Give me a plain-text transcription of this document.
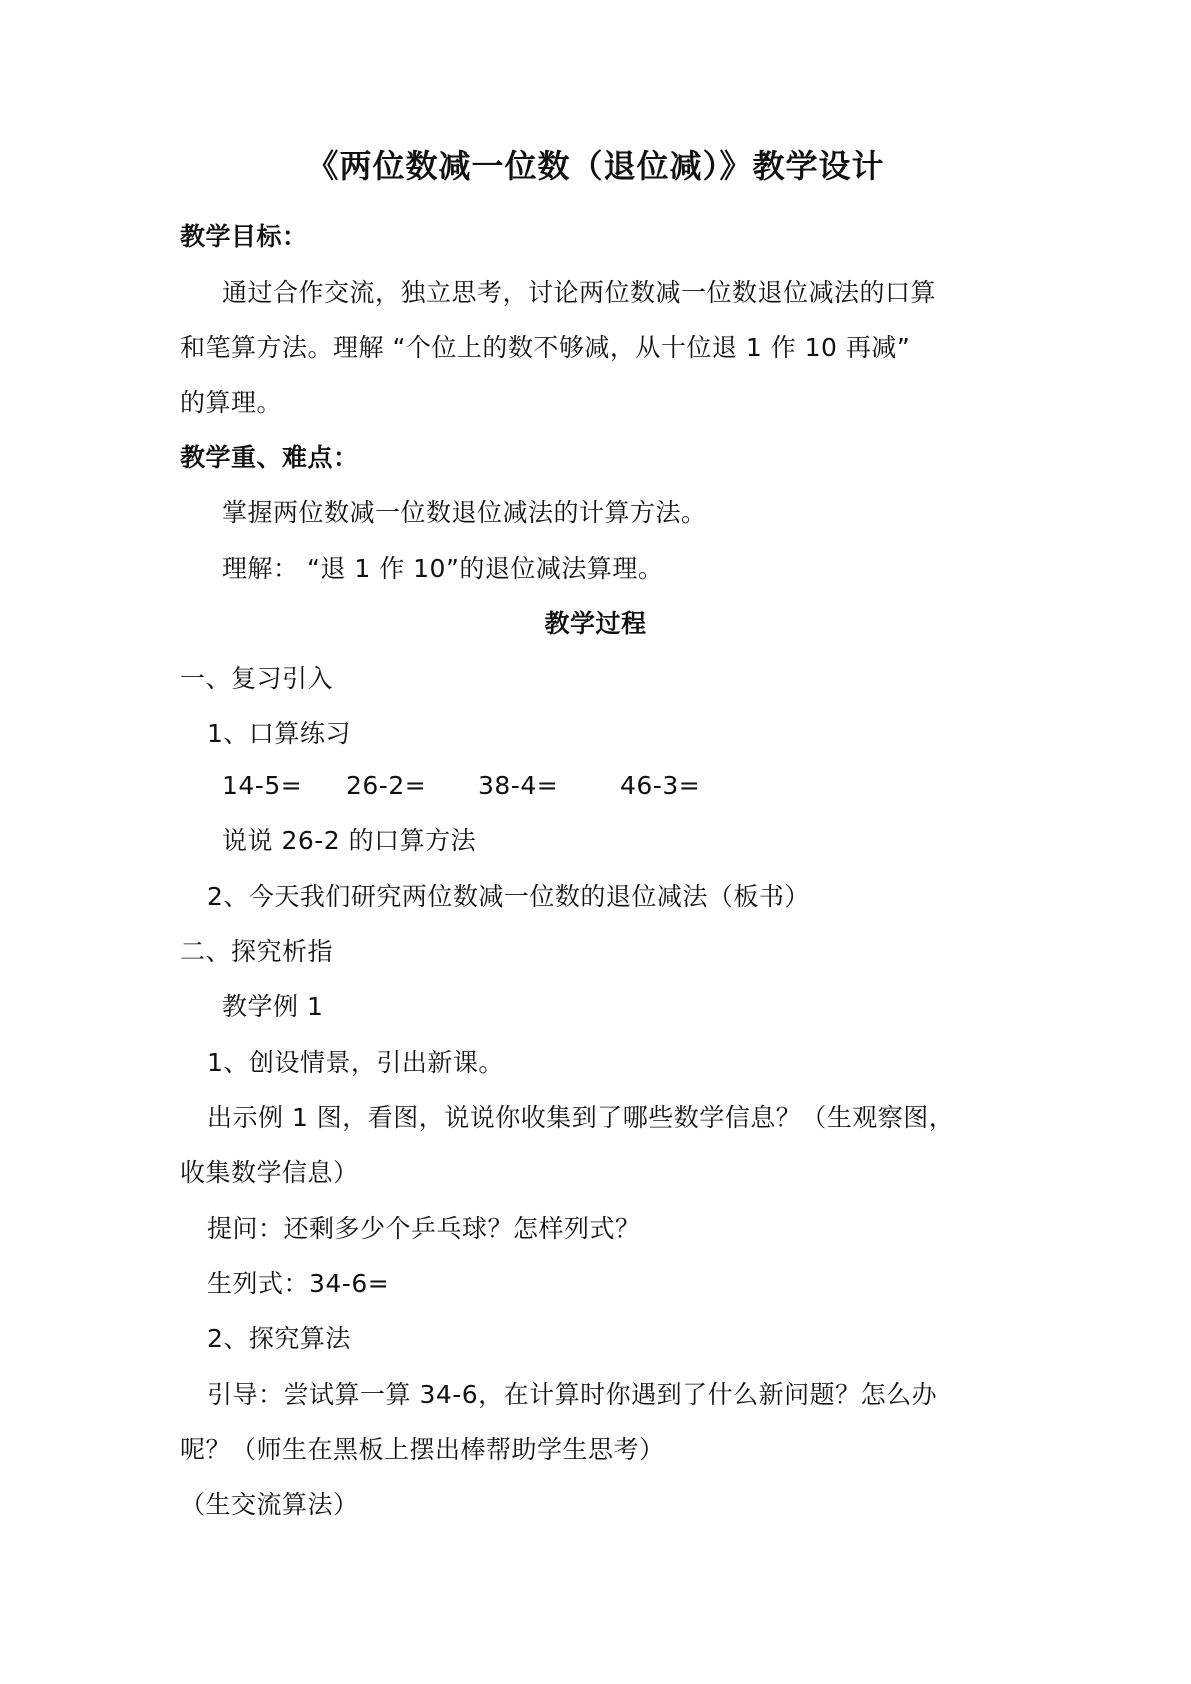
《两位数减一位数（退位减）》教学设计
教学目标：
通过合作交流，独立思考，讨论两位数减一位数退位减法的口算
和笔算方法。理解 “个位上的数不够减，从十位退 1 作 10 再减”
的算理。
教学重、难点：
掌握两位数减一位数退位减法的计算方法。
理解： “退 1 作 10”的退位减法算理。
教学过程
一、复习引入
1、口算练习
14-5= 26-2= 38-4= 46-3=
说说 26-2 的口算方法
2、今天我们研究两位数减一位数的退位减法（板书）
二、探究析指
教学例 1
1、创设情景，引出新课。
出示例 1 图，看图，说说你收集到了哪些数学信息？（生观察图，
收集数学信息）
提问：还剩多少个乒乓球？怎样列式？
生列式：34-6=
2、探究算法
引导：尝试算一算 34-6，在计算时你遇到了什么新问题？怎么办
呢？（师生在黑板上摆出棒帮助学生思考）
（生交流算法）
